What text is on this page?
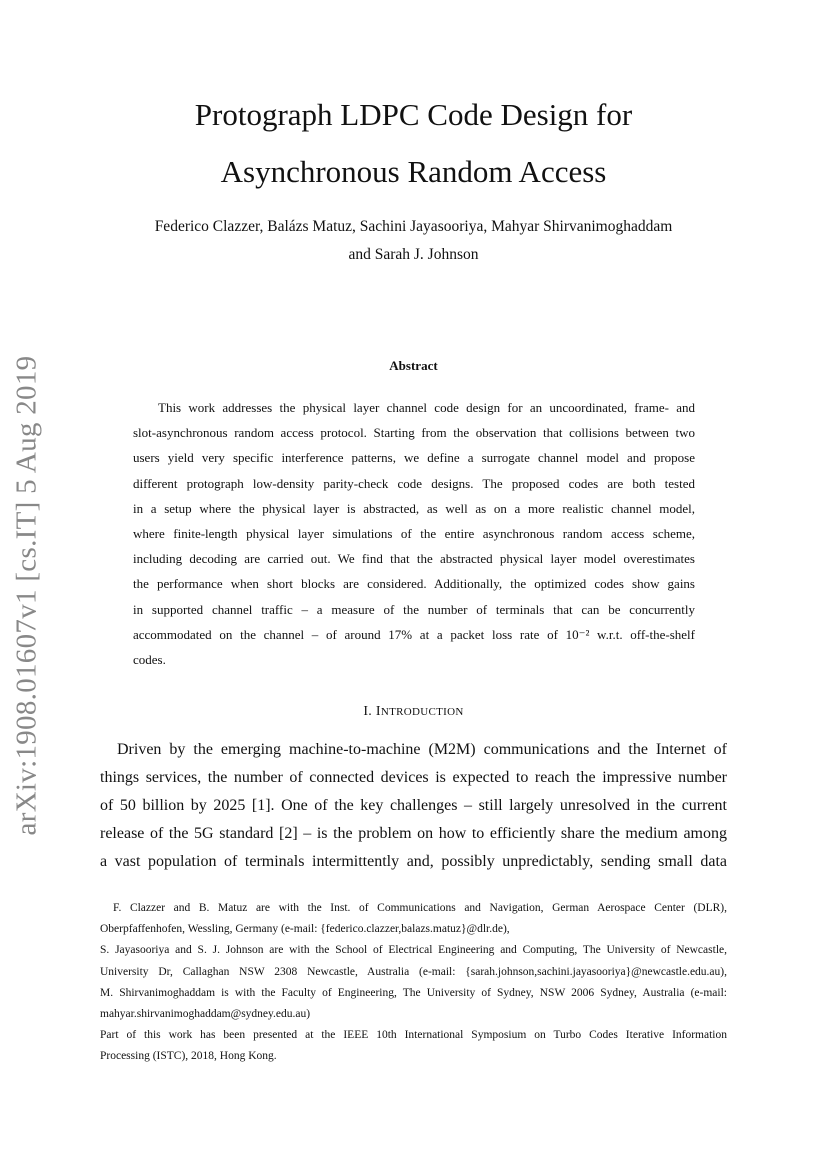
arXiv:1908.01607v1 [cs.IT] 5 Aug 2019
Protograph LDPC Code Design for
Asynchronous Random Access
Federico Clazzer, Balázs Matuz, Sachini Jayasooriya, Mahyar Shirvanimoghaddam
and Sarah J. Johnson
Abstract
This work addresses the physical layer channel code design for an uncoordinated, frame- and
slot-asynchronous random access protocol. Starting from the observation that collisions between two
users yield very specific interference patterns, we define a surrogate channel model and propose
different protograph low-density parity-check code designs. The proposed codes are both tested
in a setup where the physical layer is abstracted, as well as on a more realistic channel model,
where finite-length physical layer simulations of the entire asynchronous random access scheme,
including decoding are carried out. We find that the abstracted physical layer model overestimates
the performance when short blocks are considered. Additionally, the optimized codes show gains
in supported channel traffic – a measure of the number of terminals that can be concurrently
accommodated on the channel – of around 17% at a packet loss rate of 10⁻² w.r.t. off-the-shelf
codes.
I. INTRODUCTION
Driven by the emerging machine-to-machine (M2M) communications and the Internet of
things services, the number of connected devices is expected to reach the impressive number
of 50 billion by 2025 [1]. One of the key challenges – still largely unresolved in the current
release of the 5G standard [2] – is the problem on how to efficiently share the medium among
a vast population of terminals intermittently and, possibly unpredictably, sending small data
F. Clazzer and B. Matuz are with the Inst. of Communications and Navigation, German Aerospace Center (DLR),
Oberpfaffenhofen, Wessling, Germany (e-mail: {federico.clazzer,balazs.matuz}@dlr.de),
S. Jayasooriya and S. J. Johnson are with the School of Electrical Engineering and Computing, The University of Newcastle,
University Dr, Callaghan NSW 2308 Newcastle, Australia (e-mail: {sarah.johnson,sachini.jayasooriya}@newcastle.edu.au),
M. Shirvanimoghaddam is with the Faculty of Engineering, The University of Sydney, NSW 2006 Sydney, Australia (e-mail:
mahyar.shirvanimoghaddam@sydney.edu.au)
Part of this work has been presented at the IEEE 10th International Symposium on Turbo Codes Iterative Information
Processing (ISTC), 2018, Hong Kong.
